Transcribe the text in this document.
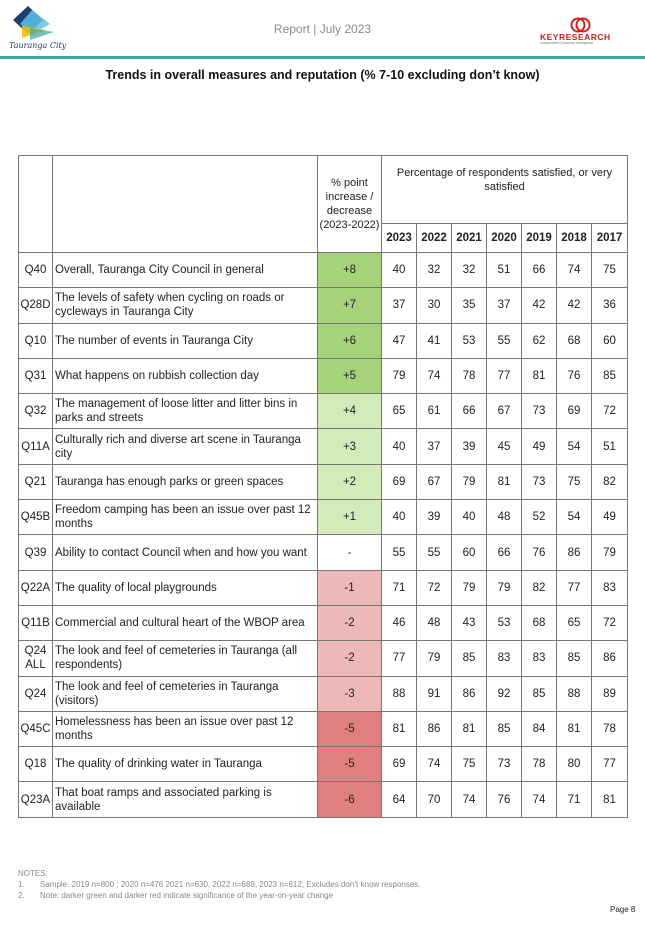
Tauranga City
Report | July 2023
KEYRESEARCH
Independent Business Intelligence
Trends in overall measures and reputation (% 7-10 excluding don’t know)
		% point increase / decrease (2023-2022)	Percentage of respondents satisfied, or very satisfied						
			2023	2022	2021	2020	2019	2018	2017
Q40	Overall, Tauranga City Council in general	+8	40	32	32	51	66	74	75
Q28D	The levels of safety when cycling on roads or cycleways in Tauranga City	+7	37	30	35	37	42	42	36
Q10	The number of events in Tauranga City	+6	47	41	53	55	62	68	60
Q31	What happens on rubbish collection day	+5	79	74	78	77	81	76	85
Q32	The management of loose litter and litter bins in parks and streets	+4	65	61	66	67	73	69	72
Q11A	Culturally rich and diverse art scene in Tauranga city	+3	40	37	39	45	49	54	51
Q21	Tauranga has enough parks or green spaces	+2	69	67	79	81	73	75	82
Q45B	Freedom camping has been an issue over past 12 months	+1	40	39	40	48	52	54	49
Q39	Ability to contact Council when and how you want	-	55	55	60	66	76	86	79
Q22A	The quality of local playgrounds	-1	71	72	79	79	82	77	83
Q11B	Commercial and cultural heart of the WBOP area	-2	46	48	43	53	68	65	72
Q24 ALL	The look and feel of cemeteries in Tauranga (all respondents)	-2	77	79	85	83	83	85	86
Q24	The look and feel of cemeteries in Tauranga (visitors)	-3	88	91	86	92	85	88	89
Q45C	Homelessness has been an issue over past 12 months	-5	81	86	81	85	84	81	78
Q18	The quality of drinking water in Tauranga	-5	69	74	75	73	78	80	77
Q23A	That boat ramps and associated parking is available	-6	64	70	74	76	74	71	81
NOTES:
1.	Sample: 2019 n=800 ; 2020 n=476 2021 n=630, 2022 n=669, 2023 n=612; Excludes don’t know responses.
2.	Note: darker green and darker red indicate significance of the year-on-year change
Page 8
